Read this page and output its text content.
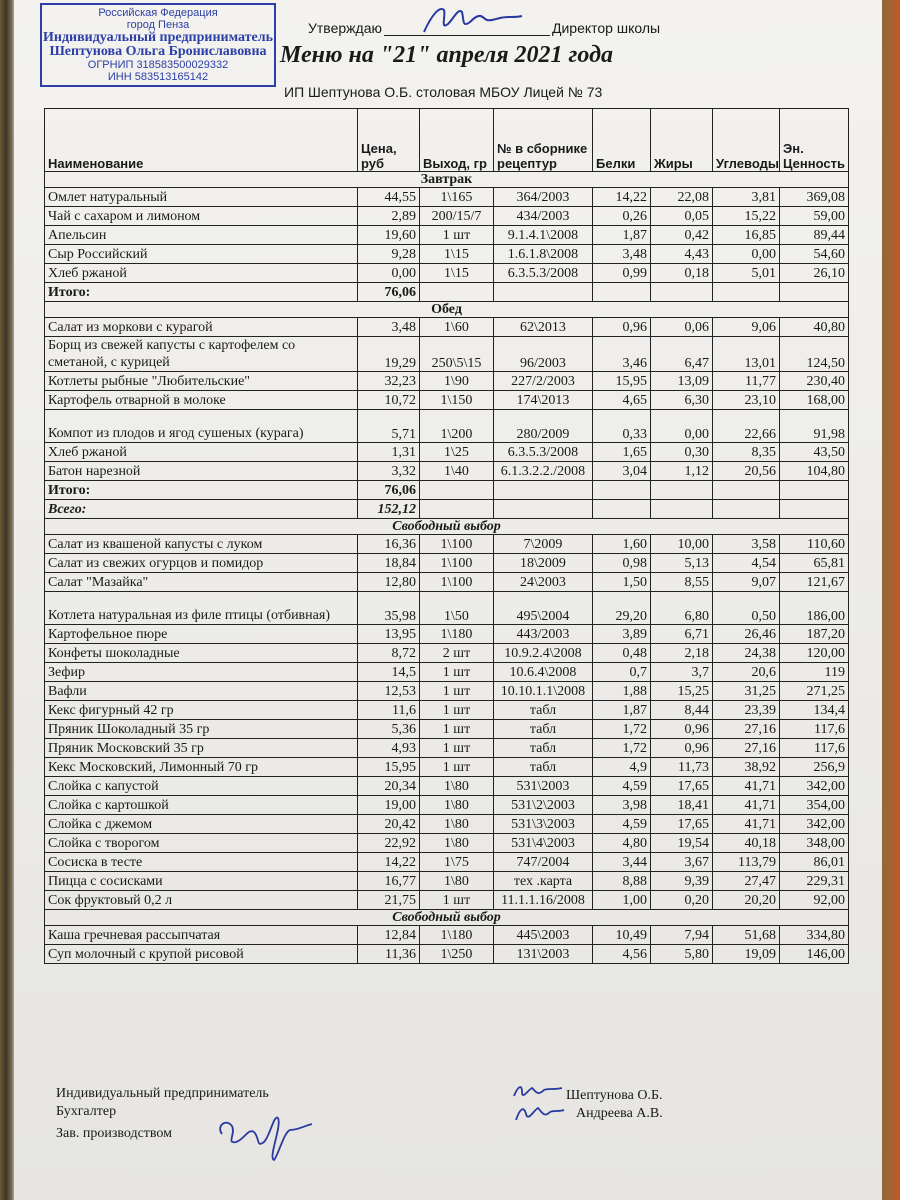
Российская Федерация
город Пенза
Индивидуальный предприниматель
Шептунова Ольга Брониславовна
ОГРНИП 318583500029332
ИНН 583513165142
Утверждаю	Директор школы
Меню на "21" апреля 2021 года
ИП Шептунова О.Б. столовая МБОУ Лицей № 73
Наименование	Цена, руб	Выход, гр	№ в сборнике рецептур	Белки	Жиры	Углеводы	Эн. Ценность
Завтрак							
Омлет натуральный	44,55	1\165	364/2003	14,22	22,08	3,81	369,08
Чай с сахаром и лимоном	2,89	200/15/7	434/2003	0,26	0,05	15,22	59,00
Апельсин	19,60	1 шт	9.1.4.1\2008	1,87	0,42	16,85	89,44
Сыр Российский	9,28	1\15	1.6.1.8\2008	3,48	4,43	0,00	54,60
Хлеб ржаной	0,00	1\15	6.3.5.3/2008	0,99	0,18	5,01	26,10
Итого:	76,06						
Обед							
Салат из моркови с курагой	3,48	1\60	62\2013	0,96	0,06	9,06	40,80
Борщ из свежей капусты с картофелем со сметаной, с курицей	19,29	250\5\15	96/2003	3,46	6,47	13,01	124,50
Котлеты рыбные "Любительские"	32,23	1\90	227/2/2003	15,95	13,09	11,77	230,40
Картофель отварной в молоке	10,72	1\150	174\2013	4,65	6,30	23,10	168,00
Компот из плодов и ягод сушеных (курага)	5,71	1\200	280/2009	0,33	0,00	22,66	91,98
Хлеб ржаной	1,31	1\25	6.3.5.3/2008	1,65	0,30	8,35	43,50
Батон нарезной	3,32	1\40	6.1.3.2.2./2008	3,04	1,12	20,56	104,80
Итого:	76,06						
Всего:	152,12						
Свободный выбор							
Салат из квашеной капусты с луком	16,36	1\100	7\2009	1,60	10,00	3,58	110,60
Салат из свежих огурцов и помидор	18,84	1\100	18\2009	0,98	5,13	4,54	65,81
Салат "Мазайка"	12,80	1\100	24\2003	1,50	8,55	9,07	121,67
Котлета натуральная из филе птицы (отбивная)	35,98	1\50	495\2004	29,20	6,80	0,50	186,00
Картофельное пюре	13,95	1\180	443/2003	3,89	6,71	26,46	187,20
Конфеты шоколадные	8,72	2 шт	10.9.2.4\2008	0,48	2,18	24,38	120,00
Зефир	14,5	1 шт	10.6.4\2008	0,7	3,7	20,6	119
Вафли	12,53	1 шт	10.10.1.1\2008	1,88	15,25	31,25	271,25
Кекс фигурный 42 гр	11,6	1 шт	табл	1,87	8,44	23,39	134,4
Пряник Шоколадный 35 гр	5,36	1 шт	табл	1,72	0,96	27,16	117,6
Пряник Московский 35 гр	4,93	1 шт	табл	1,72	0,96	27,16	117,6
Кекс Московский, Лимонный 70 гр	15,95	1 шт	табл	4,9	11,73	38,92	256,9
Слойка с капустой	20,34	1\80	531\2003	4,59	17,65	41,71	342,00
Слойка с картошкой	19,00	1\80	531\2\2003	3,98	18,41	41,71	354,00
Слойка с джемом	20,42	1\80	531\3\2003	4,59	17,65	41,71	342,00
Слойка с творогом	22,92	1\80	531\4\2003	4,80	19,54	40,18	348,00
Сосиска в тесте	14,22	1\75	747/2004	3,44	3,67	113,79	86,01
Пицца с сосисками	16,77	1\80	тех .карта	8,88	9,39	27,47	229,31
Сок фруктовый 0,2 л	21,75	1 шт	11.1.1.16/2008	1,00	0,20	20,20	92,00
Свободный выбор							
Каша гречневая рассыпчатая	12,84	1\180	445\2003	10,49	7,94	51,68	334,80
Суп молочный с крупой рисовой	11,36	1\250	131\2003	4,56	5,80	19,09	146,00
Индивидуальный предприниматель	Шептунова О.Б.
Бухгалтер	Андреева А.В.
Зав. производством
